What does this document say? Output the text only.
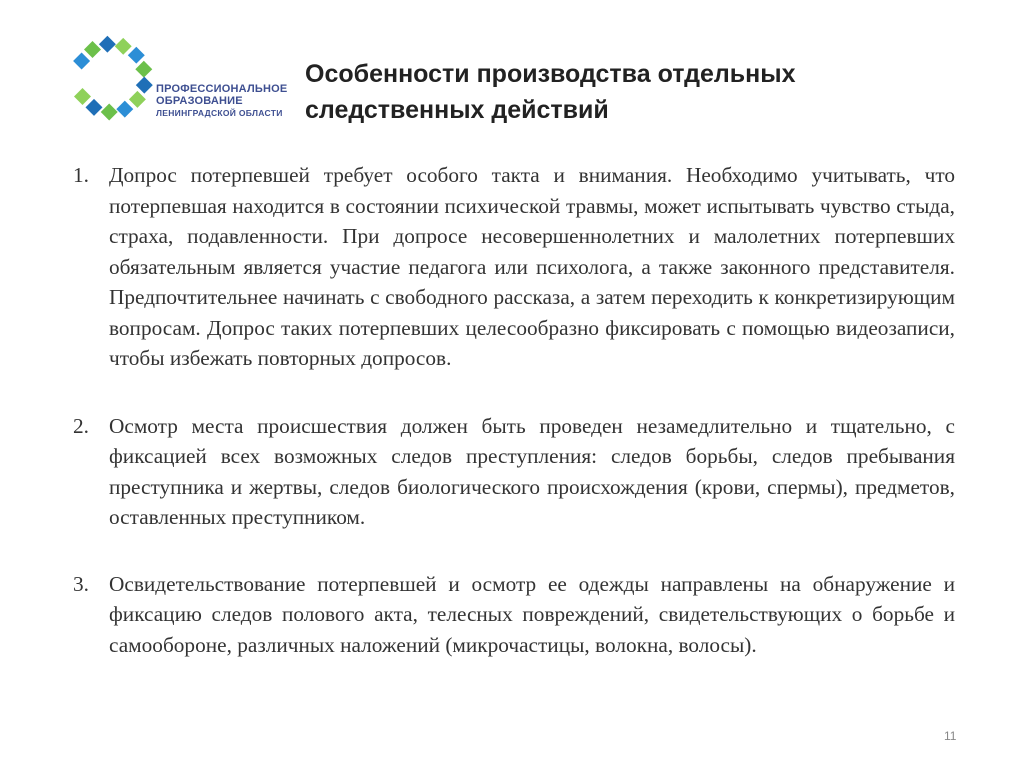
ПРОФЕССИОНАЛЬНОЕ
ОБРАЗОВАНИЕ
ЛЕНИНГРАДСКОЙ ОБЛАСТИ
Особенности производства отдельных следственных действий
1. Допрос потерпевшей требует особого такта и внимания. Необходимо учитывать, что потерпевшая находится в состоянии психической травмы, может испытывать чувство стыда, страха, подавленности. При допросе несовершеннолетних и малолетних потерпевших обязательным является участие педагога или психолога, а также законного представителя. Предпочтительнее начинать с свободного рассказа, а затем переходить к конкретизирующим вопросам. Допрос таких потерпевших целесообразно фиксировать с помощью видеозаписи, чтобы избежать повторных допросов.
2. Осмотр места происшествия должен быть проведен незамедлительно и тщательно, с фиксацией всех возможных следов преступления: следов борьбы, следов пребывания преступника и жертвы, следов биологического происхождения (крови, спермы), предметов, оставленных преступником.
3. Освидетельствование потерпевшей и осмотр ее одежды направлены на обнаружение и фиксацию следов полового акта, телесных повреждений, свидетельствующих о борьбе и самообороне, различных наложений (микрочастицы, волокна, волосы).
11
